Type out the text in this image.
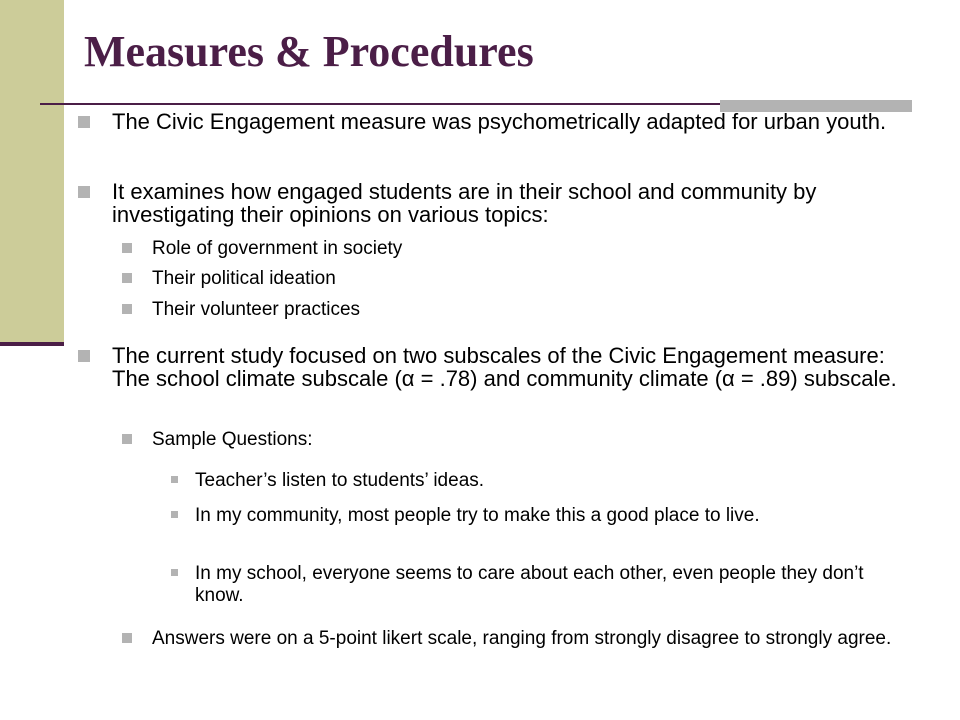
Measures & Procedures
The Civic Engagement measure was psychometrically adapted for urban youth.
It examines how engaged students are in their school and community by investigating their opinions on various topics:
Role of government in society
Their political ideation
Their volunteer practices
The current study focused on two subscales of the Civic Engagement measure: The school climate subscale (α = .78) and community climate (α = .89) subscale.
Sample Questions:
Teacher’s listen to students’ ideas.
In my community, most people try to make this a good place to live.
In my school, everyone seems to care about each other, even people they don’t know.
Answers were on a 5-point likert scale, ranging from strongly disagree to strongly agree.
